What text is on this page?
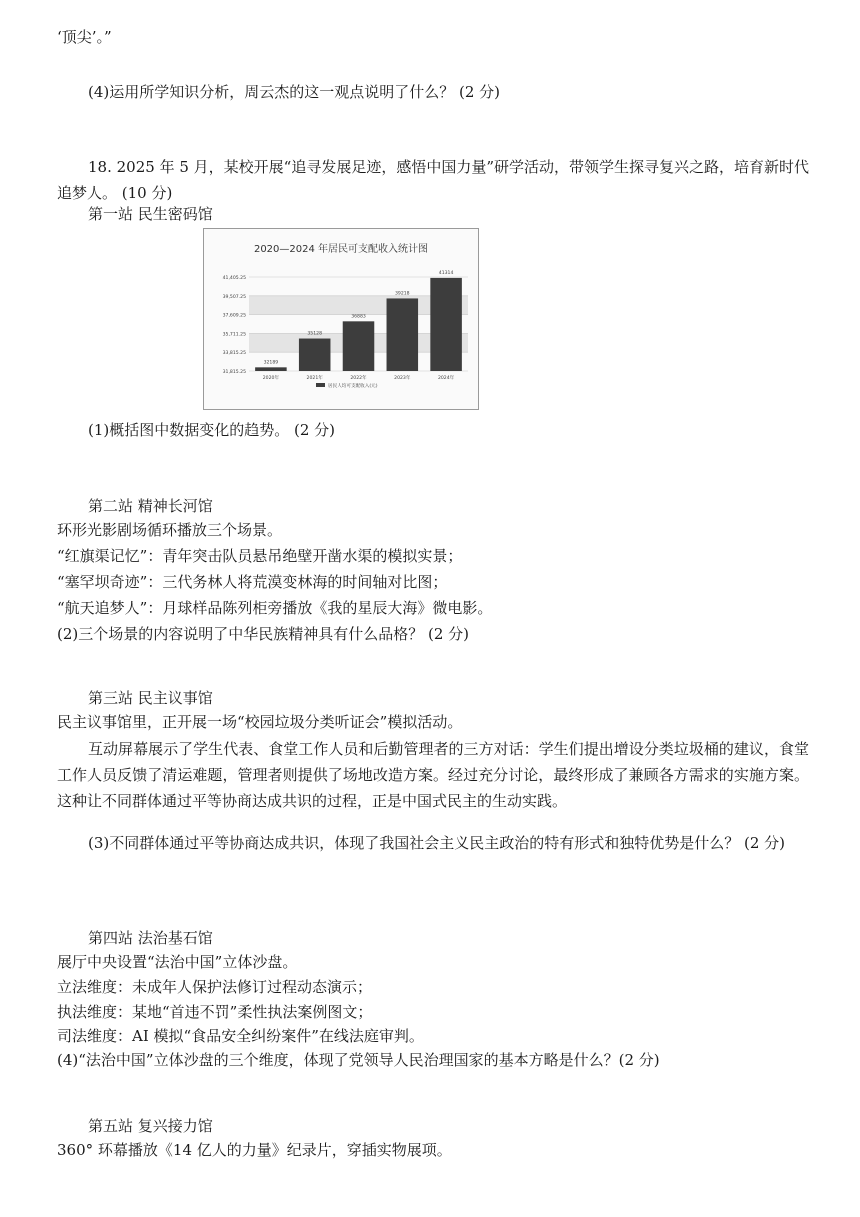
‘顶尖’。”
(4)运用所学知识分析，周云杰的这一观点说明了什么？ (2 分)
18. 2025 年 5 月，某校开展“追寻发展足迹，感悟中国力量”研学活动，带领学生探寻复兴之路，培育新时代追梦人。 (10 分)
第一站 民生密码馆
2020—2024 年居民可支配收入统计图
31,815.25
33,815.25
35,711.25
37,609.25
39,507.25
41,405.25
32189
2020年
35128
2021年
36883
2022年
39218
2023年
41314
2024年
居民人均可支配收入(元)
(1)概括图中数据变化的趋势。 (2 分)
第二站 精神长河馆
环形光影剧场循环播放三个场景。
“红旗渠记忆”：青年突击队员悬吊绝壁开凿水渠的模拟实景；
“塞罕坝奇迹”：三代务林人将荒漠变林海的时间轴对比图；
“航天追梦人”：月球样品陈列柜旁播放《我的星辰大海》微电影。
(2)三个场景的内容说明了中华民族精神具有什么品格？ (2 分)
第三站 民主议事馆
民主议事馆里，正开展一场“校园垃圾分类听证会”模拟活动。
互动屏幕展示了学生代表、食堂工作人员和后勤管理者的三方对话：学生们提出增设分类垃圾桶的建议，食堂工作人员反馈了清运难题，管理者则提供了场地改造方案。经过充分讨论，最终形成了兼顾各方需求的实施方案。这种让不同群体通过平等协商达成共识的过程，正是中国式民主的生动实践。
(3)不同群体通过平等协商达成共识，体现了我国社会主义民主政治的特有形式和独特优势是什么？ (2 分)
第四站 法治基石馆
展厅中央设置“法治中国”立体沙盘。
立法维度：未成年人保护法修订过程动态演示；
执法维度：某地“首违不罚”柔性执法案例图文；
司法维度：AI 模拟“食品安全纠纷案件”在线法庭审判。
(4)“法治中国”立体沙盘的三个维度，体现了党领导人民治理国家的基本方略是什么？(2 分)
第五站 复兴接力馆
360° 环幕播放《14 亿人的力量》纪录片，穿插实物展项。
